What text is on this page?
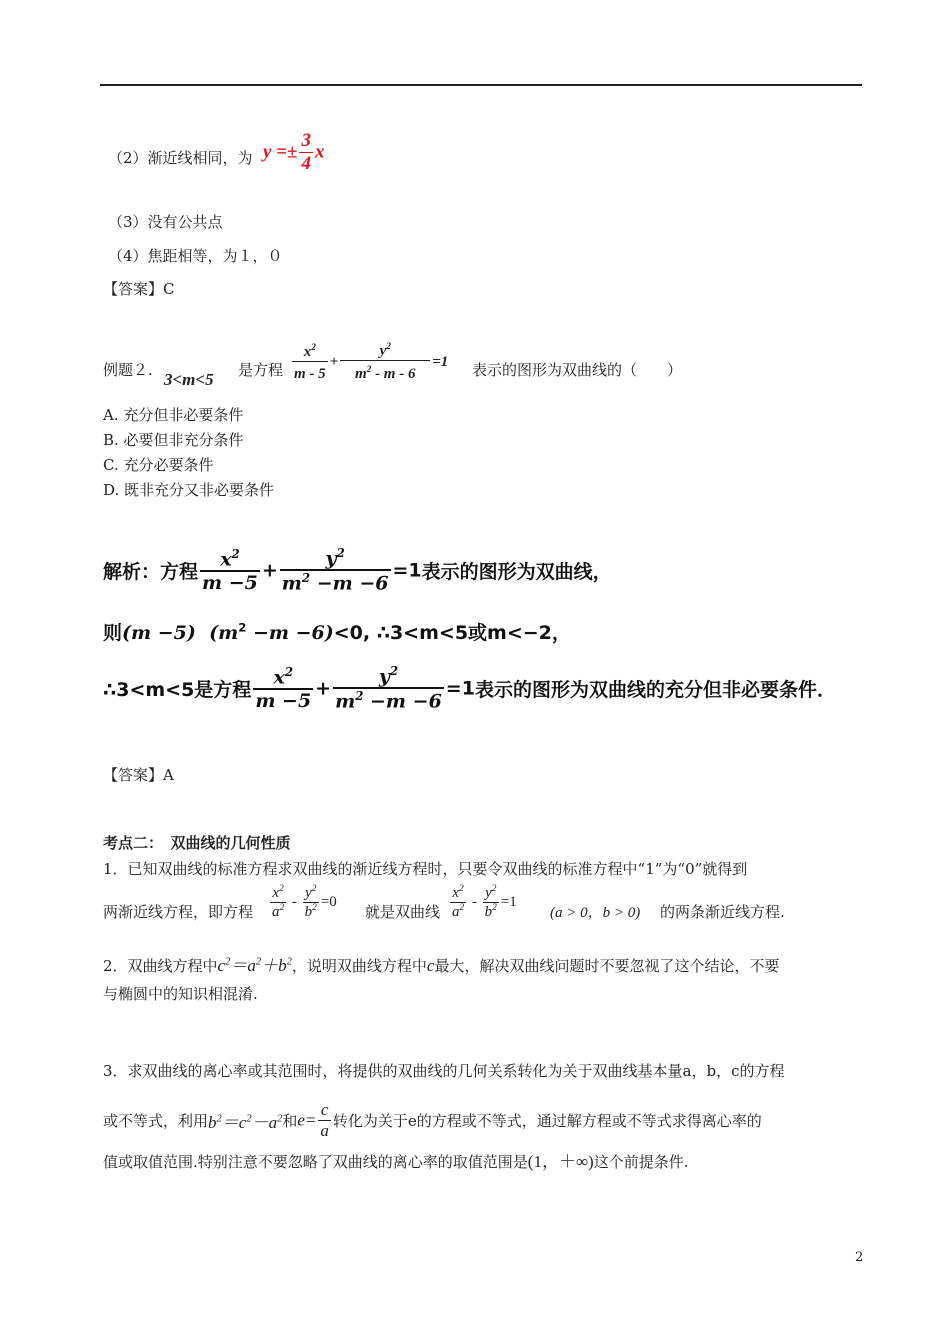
（2）渐近线相同，为 $y =\pm \frac{3}{4}$ x
（3）没有公共点
（4）焦距相等，为１，０
【答案】C
例题２. 3<m<5 是方程 $\frac{x^2}{m - 5} + \frac{y^2}{m^2 - m - 6} =1$ 表示的图形为双曲线的（　　）
A. 充分但非必要条件
B. 必要但非充分条件
C. 充分必要条件
D. 既非充分又非必要条件
解析：方程 $\frac{x^2}{m -5} + \frac{y^2}{m^2 -m -6} =1$表示的图形为双曲线，
则(m −5) $(m^2 -m -6)<0$, ∴3<m<5或m<−2，
∴3<m<5是方程 $\frac{x^2}{m -5} + \frac{y^2}{m^2 -m -6} =1$表示的图形为双曲线的充分但非必要条件．
【答案】A
考点二：　双曲线的几何性质
1．已知双曲线的标准方程求双曲线的渐近线方程时，只要令双曲线的标准方程中“1”为“0”就得到
两渐近线方程，即方程 $\frac{x^2}{a^2} - \frac{y^2}{b^2} =0$
就是双曲线 $\frac{x^2}{a^2} - \frac{y^2}{b^2} =1$
(a > 0，b > 0) 的两条渐近线方程.
2．双曲线方程中$c^2=a^2+b^2$，说明双曲线方程中c最大，解决双曲线问题时不要忽视了这个结论，不要
与椭圆中的知识相混淆.
3．求双曲线的离心率或其范围时，将提供的双曲线的几何关系转化为关于双曲线基本量a，b，c的方程
或不等式，利用$b^2=c^2-a^2$和$e= \frac{c}{a}$ 转化为关于e的方程或不等式，通过解方程或不等式求得离心率的
值或取值范围.特别注意不要忽略了双曲线的离心率的取值范围是(1，＋∞)这个前提条件.
2
